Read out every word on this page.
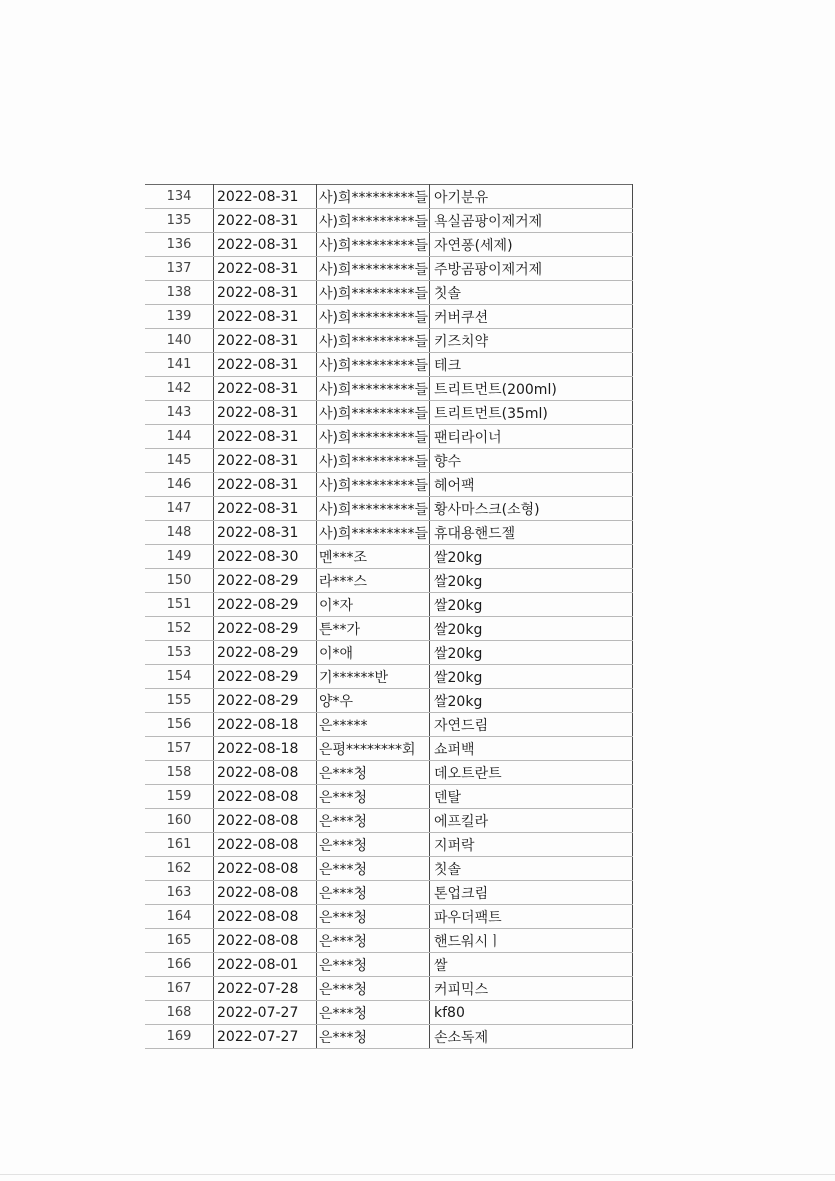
134	2022-08-31	사)희*********들	아기분유
135	2022-08-31	사)희*********들	욕실곰팡이제거제
136	2022-08-31	사)희*********들	자연퐁(세제)
137	2022-08-31	사)희*********들	주방곰팡이제거제
138	2022-08-31	사)희*********들	칫솔
139	2022-08-31	사)희*********들	커버쿠션
140	2022-08-31	사)희*********들	키즈치약
141	2022-08-31	사)희*********들	테크
142	2022-08-31	사)희*********들	트리트먼트(200ml)
143	2022-08-31	사)희*********들	트리트먼트(35ml)
144	2022-08-31	사)희*********들	팬티라이너
145	2022-08-31	사)희*********들	향수
146	2022-08-31	사)희*********들	헤어팩
147	2022-08-31	사)희*********들	황사마스크(소형)
148	2022-08-31	사)희*********들	휴대용핸드젤
149	2022-08-30	멘***조	쌀20kg
150	2022-08-29	라***스	쌀20kg
151	2022-08-29	이*자	쌀20kg
152	2022-08-29	튼**가	쌀20kg
153	2022-08-29	이*애	쌀20kg
154	2022-08-29	기******반	쌀20kg
155	2022-08-29	양*우	쌀20kg
156	2022-08-18	은*****	자연드림
157	2022-08-18	은평********회	쇼퍼백
158	2022-08-08	은***청	데오트란트
159	2022-08-08	은***청	덴탈
160	2022-08-08	은***청	에프킬라
161	2022-08-08	은***청	지퍼락
162	2022-08-08	은***청	칫솔
163	2022-08-08	은***청	톤업크림
164	2022-08-08	은***청	파우더팩트
165	2022-08-08	은***청	핸드워시ㅣ
166	2022-08-01	은***청	쌀
167	2022-07-28	은***청	커피믹스
168	2022-07-27	은***청	kf80
169	2022-07-27	은***청	손소독제
